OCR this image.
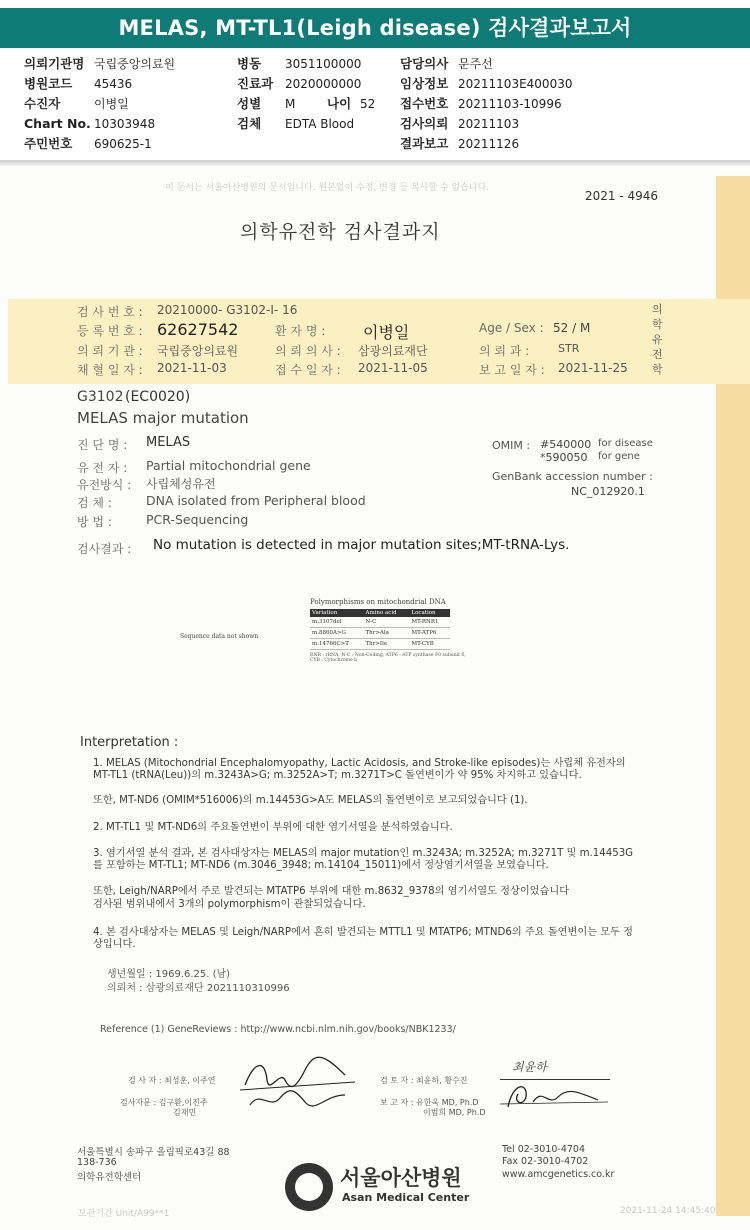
MELAS, MT-TL1(Leigh disease) 검사결과보고서
의뢰기관명 국립중앙의료원
병원코드	45436
수진자	이병일
Chart No. 10303948
주민번호	690625-1
병동	3051100000
진료과 2020000000
성별	M	나이 52
검체	EDTA Blood
담당의사 문주선
임상정보 20211103E400030
접수번호 20211103-10996
검사의뢰 20211103
결과보고 20211126
이 문서는 서울아산병원의 문서입니다. 원본없이 수정, 변경 등 복사할 수 없습니다.
2021 - 4946
의학유전학 검사결과지
의학유전학
검 사 번 호 : 20210000- G3102-I- 16
등 록 번 호 : 62627542	환 자 명 : 이병일	Age / Sex : 52 / M
의 뢰 기 관 : 국립중앙의료원	의 뢰 의 사 : 삼광의료재단	의 뢰 과 :	STR
채 혈 일 자 : 2021-11-03	접 수 일 자 : 2021-11-05	보 고 일 자 : 2021-11-25
G3102 (EC0020)
MELAS major mutation
진 단 명 : MELAS
유 전 자 : Partial mitochondrial gene
유전방식 : 사립체성유전
검 체 :	DNA isolated from Peripheral blood
방 법 :	PCR-Sequencing
OMIM : #540000 for disease
*590050 for gene
GenBank accession number :
NC_012920.1
검사결과 : No mutation is detected in major mutation sites;MT-tRNA-Lys.
Sequence data not shown
Polymorphisms on mitochondrial DNA
Variation	Amino acid	Location
m.3107del	N-C	MT-RNR1
m.8860A>G	Thr>Ala	MT-ATP6
m.14766C>T	Thr>Ile	MT-CYB
RNR : rRNA, N-C : Non-Coding, ATP6 : ATP synthase F0 subunit 6,
CYB : Cytochrome b
Interpretation :
1. MELAS (Mitochondrial Encephalomyopathy, Lactic Acidosis, and Stroke-like episodes)는 사립체 유전자의 MT-TL1 (tRNA(Leu))의 m.3243A>G; m.3252A>T; m.3271T>C 돌연변이가 약 95% 차지하고 있습니다.
또한, MT-ND6 (OMIM*516006)의 m.14453G>A도 MELAS의 돌연변이로 보고되었습니다 (1).
2. MT-TL1 및 MT-ND6의 주요돌연변이 부위에 대한 염기서열을 분석하였습니다.
3. 염기서열 분석 결과, 본 검사대상자는 MELAS의 major mutation인 m.3243A; m.3252A; m.3271T 및 m.14453G를 포함하는 MT-TL1; MT-ND6 (m.3046_3948; m.14104_15011)에서 정상염기서열을 보였습니다.
또한, Leigh/NARP에서 주로 발견되는 MTATP6 부위에 대한 m.8632_9378의 염기서열도 정상이었습니다
검사된 범위내에서 3개의 polymorphism이 관찰되었습니다.
4. 본 검사대상자는 MELAS 및 Leigh/NARP에서 흔히 발견되는 MTTL1 및 MTATP6; MTND6의 주요 돌연변이는 모두 정상입니다.
생년월일 : 1969.6.25. (남)
의뢰처 : 삼광의료재단 2021110310996
Reference (1) GeneReviews : http://www.ncbi.nlm.nih.gov/books/NBK1233/
검 사 자 : 최성훈, 이주연
검사자문 : 김구환,이진주
김재민
검 토 자 : 최윤하, 황수진
보 고 자 : 유한욱 MD, Ph.D
이범희 MD, Ph.D
최윤하
서울특별시 송파구 올림픽로43길 88
138-736
의학유전학센터
Tel 02-3010-4704
Fax 02-3010-4702
www.amcgenetics.co.kr
서울아산병원
Asan Medical Center
보관기간 Unit/A99**1	2021-11-24 14:45:40
